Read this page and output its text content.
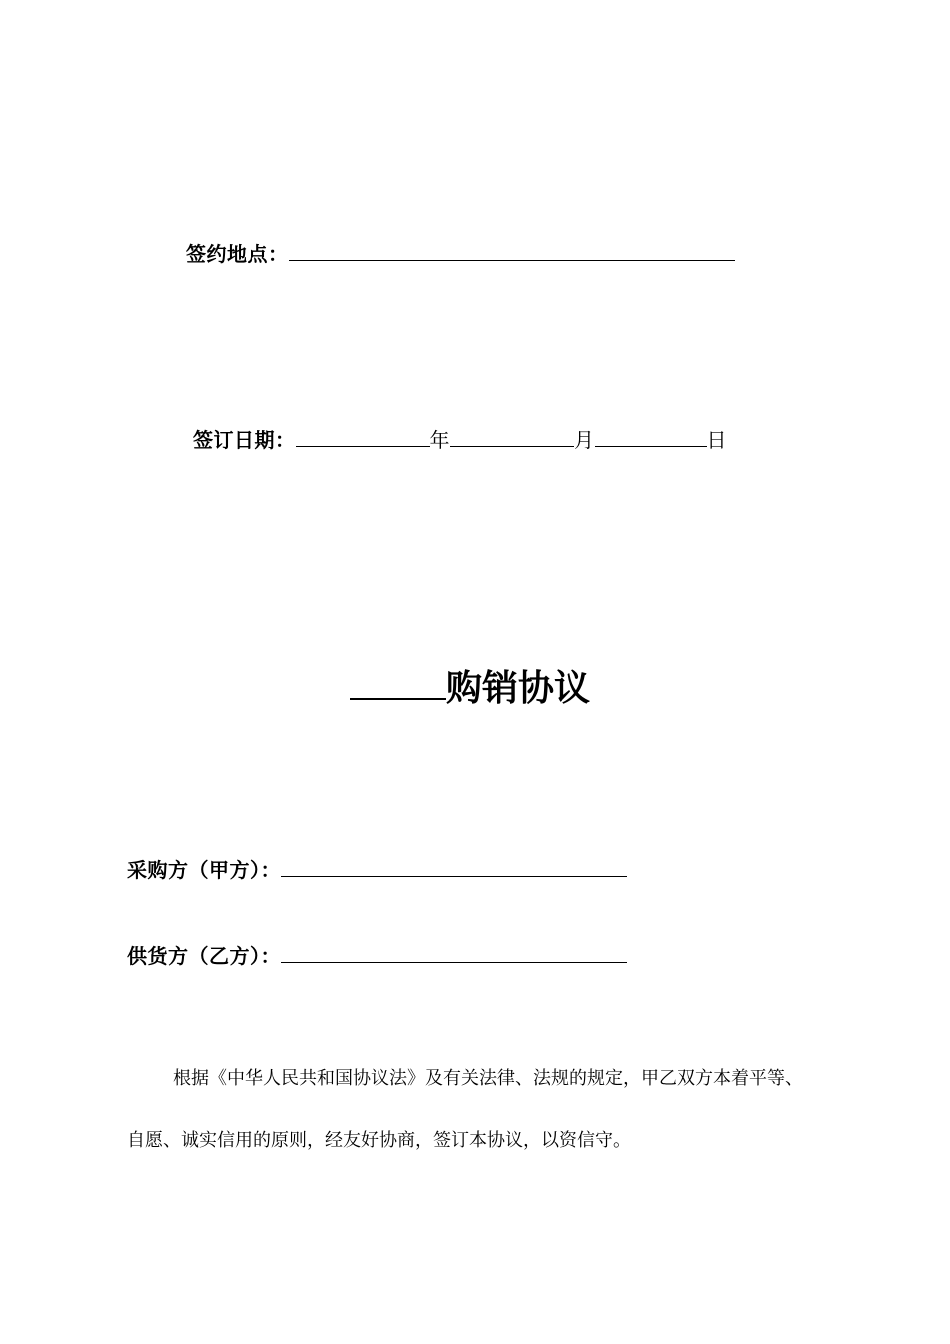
签约地点：
签订日期：	年	月	日
购销协议
采购方（甲方）：
供货方（乙方）：
根据《中华人民共和国协议法》及有关法律、法规的规定，甲乙双方本着平等、
自愿、诚实信用的原则，经友好协商，签订本协议，以资信守。
